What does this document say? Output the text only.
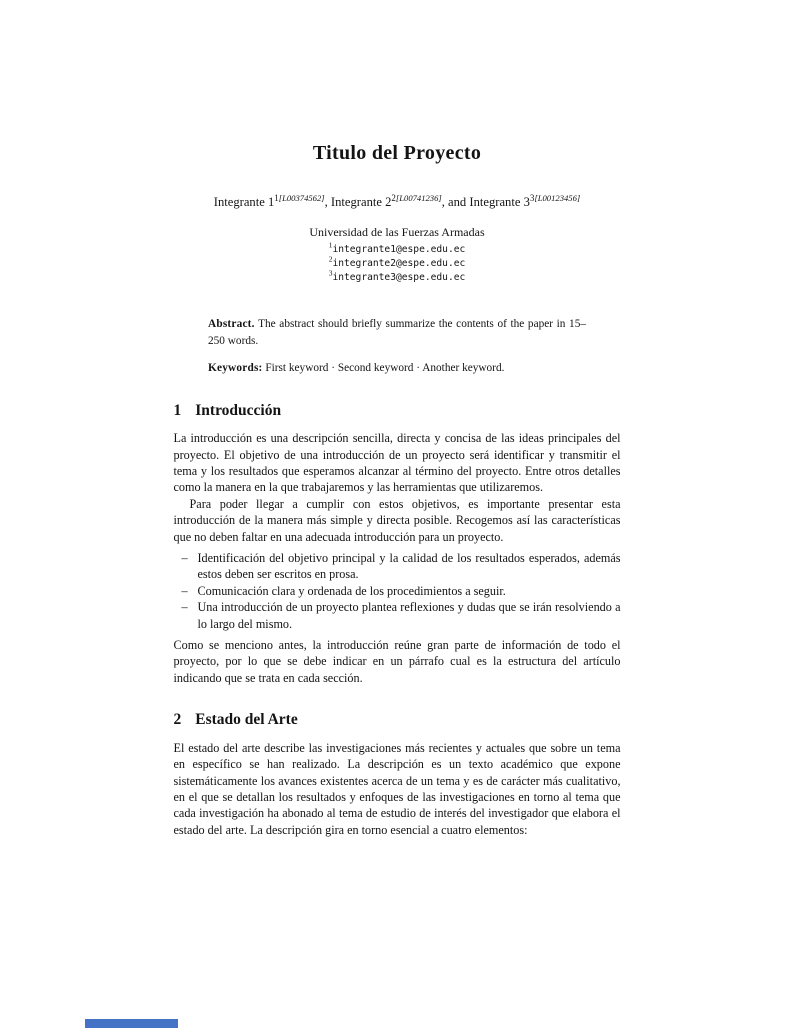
Titulo del Proyecto
Integrante $1^{1[L00374562]}$, Integrante $2^{2[L00741236]}$, and Integrante $3^{3[L00123456]}$
Universidad de las Fuerzas Armadas
$^1$integrante1@espe.edu.ec
$^2$integrante2@espe.edu.ec
$^3$integrante3@espe.edu.ec

Abstract. The abstract should briefly summarize the contents of the paper in 15–250 words.

Keywords: First keyword · Second keyword · Another keyword.

1 Introducción

La introducción es una descripción sencilla, directa y concisa de las ideas principales del proyecto. El objetivo de una introducción de un proyecto será identificar y transmitir el tema y los resultados que esperamos alcanzar al término del proyecto. Entre otros detalles como la manera en la que trabajaremos y las herramientas que utilizaremos.

Para poder llegar a cumplir con estos objetivos, es importante presentar esta introducción de la manera más simple y directa posible. Recogemos así las características que no deben faltar en una adecuada introducción para un proyecto.

– Identificación del objetivo principal y la calidad de los resultados esperados, además estos deben ser escritos en prosa.
– Comunicación clara y ordenada de los procedimientos a seguir.
– Una introducción de un proyecto plantea reflexiones y dudas que se irán resolviendo a lo largo del mismo.

Como se menciono antes, la introducción reúne gran parte de información de todo el proyecto, por lo que se debe indicar en un párrafo cual es la estructura del artículo indicando que se trata en cada sección.

2 Estado del Arte

El estado del arte describe las investigaciones más recientes y actuales que sobre un tema en específico se han realizado. La descripción es un texto académico que expone sistemáticamente los avances existentes acerca de un tema y es de carácter más cualitativo, en el que se detallan los resultados y enfoques de las investigaciones en torno al tema que cada investigación ha abonado al tema de estudio de interés del investigador que elabora el estado del arte. La descripción gira en torno esencial a cuatro elementos:
